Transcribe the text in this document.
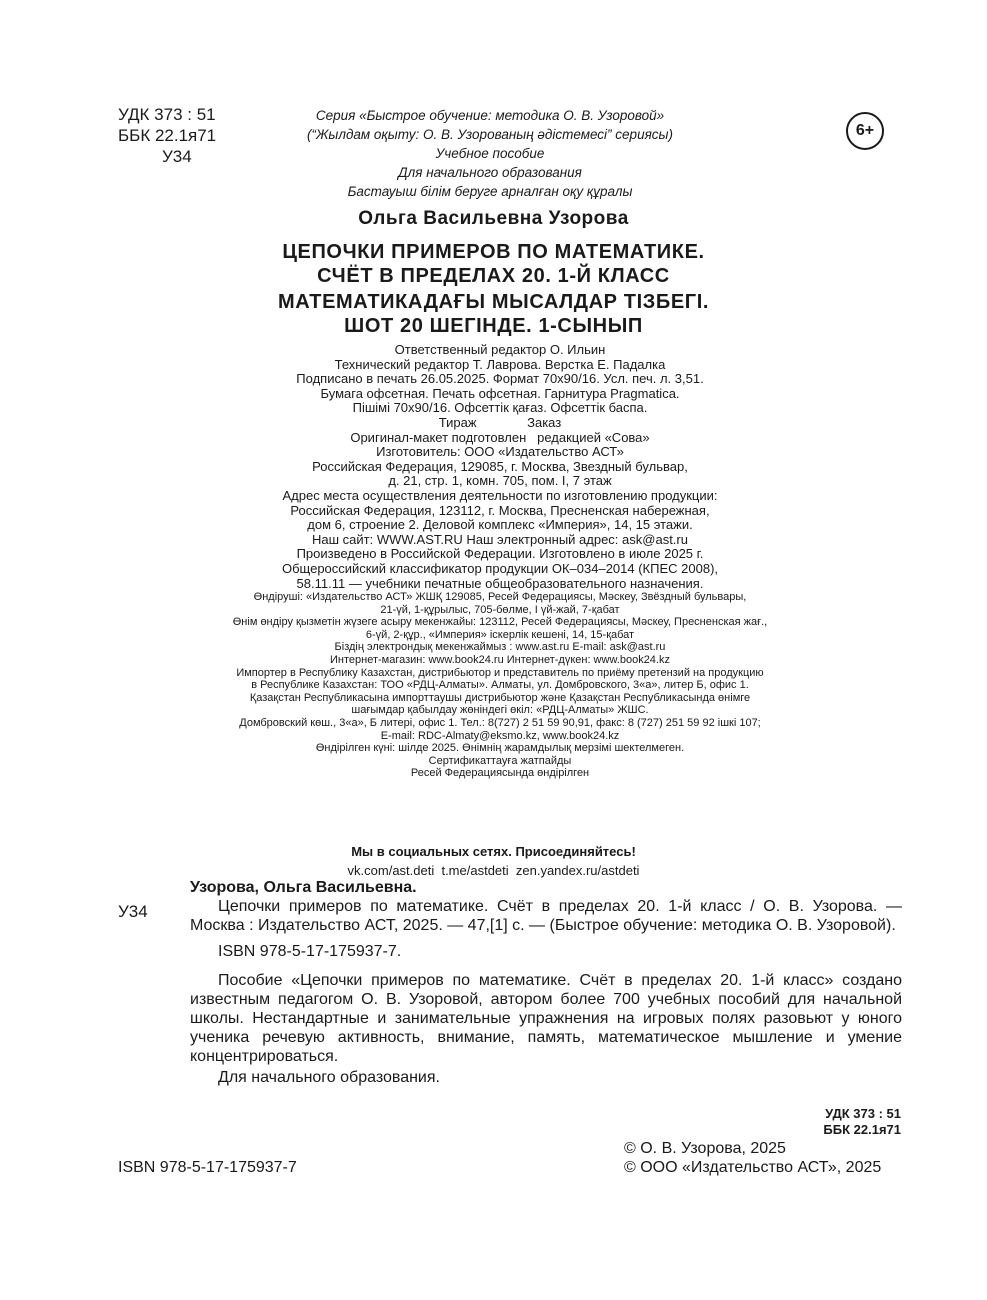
УДК 373 : 51
ББК 22.1я71
У34
Серия «Быстрое обучение: методика О. В. Узоровой»
(“Жылдам оқыту: О. В. Узорованың әдістемесі” сериясы)
Учебное пособие
Для начального образования
Бастауыш білім беруге арналған оқу құралы
6+
Ольга Васильевна Узорова
ЦЕПОЧКИ ПРИМЕРОВ ПО МАТЕМАТИКЕ.
СЧЁТ В ПРЕДЕЛАХ 20. 1-Й КЛАСС
МАТЕМАТИКАДАҒЫ МЫСАЛДАР ТІЗБЕГІ.
ШОТ 20 ШЕГІНДЕ. 1-СЫНЫП
Ответственный редактор О. Ильин
Технический редактор Т. Лаврова. Верстка Е. Падалка
Подписано в печать 26.05.2025. Формат 70x90/16. Усл. печ. л. 3,51.
Бумага офсетная. Печать офсетная. Гарнитура Pragmatica.
Пішімі 70x90/16. Офсеттік қағаз. Офсеттік баспа.
Тираж              Заказ
Оригинал-макет подготовлен   редакцией «Сова»
Изготовитель: ООО «Издательство АСТ»
Российская Федерация, 129085, г. Москва, Звездный бульвар,
д. 21, стр. 1, комн. 705, пом. I, 7 этаж
Адрес места осуществления деятельности по изготовлению продукции:
Российская Федерация, 123112, г. Москва, Пресненская набережная,
дом 6, строение 2. Деловой комплекс «Империя», 14, 15 этажи.
Наш сайт: WWW.AST.RU Наш электронный адрес: ask@ast.ru
Произведено в Российской Федерации. Изготовлено в июле 2025 г.
Общероссийский классификатор продукции ОК–034–2014 (КПЕС 2008),
58.11.11 — учебники печатные общеобразовательного назначения.
Өндіруші: «Издательство АСТ» ЖШҚ 129085, Ресей Федерациясы, Мәскеу, Звёздный бульвары,
21-үй, 1-құрылыс, 705-бөлме, I үй-жай, 7-қабат
Өнім өндіру қызметін жүзеге асыру мекенжайы: 123112, Ресей Федерациясы, Мәскеу, Пресненская жағ.,
6-үй, 2-құр., «Империя» іскерлік кешені, 14, 15-қабат
Біздің электрондық мекенжаймыз : www.ast.ru E-mail: ask@ast.ru
Интернет-магазин: www.book24.ru Интернет-дүкен: www.book24.kz
Импортер в Республику Казахстан, дистрибьютор и представитель по приёму претензий на продукцию
в Республике Казахстан: ТОО «РДЦ-Алматы». Алматы, ул. Домбровского, 3«а», литер Б, офис 1.
Қазақстан Республикасына импорттаушы дистрибьютор және Қазақстан Республикасында өнімге
шағымдар қабылдау жөніндегі өкіл: «РДЦ-Алматы» ЖШС.
Домбровский көш., 3«а», Б литері, офис 1. Тел.: 8(727) 2 51 59 90,91, факс: 8 (727) 251 59 92 ішкі 107;
E-mail: RDC-Almaty@eksmo.kz, www.book24.kz
Өндірілген күні: шілде 2025. Өнімнің жарамдылық мерзімі шектелмеген.
Сертификаттауға жатпайды
Ресей Федерациясында өндірілген
Мы в социальных сетях. Присоединяйтесь!
vk.com/ast.deti  t.me/astdeti  zen.yandex.ru/astdeti
У34
Узорова, Ольга Васильевна.

Цепочки примеров по математике. Счёт в пределах 20. 1-й класс / О. В. Узорова. — Москва : Издательство АСТ, 2025. — 47,[1] с. — (Быстрое обучение: методика О. В. Узоровой).

ISBN 978-5-17-175937-7.

Пособие «Цепочки примеров по математике. Счёт в пределах 20. 1-й класс» создано известным педагогом О. В. Узоровой, автором более 700 учебных пособий для начальной школы. Нестандартные и занимательные упражнения на игровых полях разовьют у юного ученика речевую активность, внимание, память, математическое мышление и умение концентрироваться.

Для начального образования.

УДК 373 : 51
ББК 22.1я71
© О. В. Узорова, 2025
© ООО «Издательство АСТ», 2025
ISBN 978-5-17-175937-7
